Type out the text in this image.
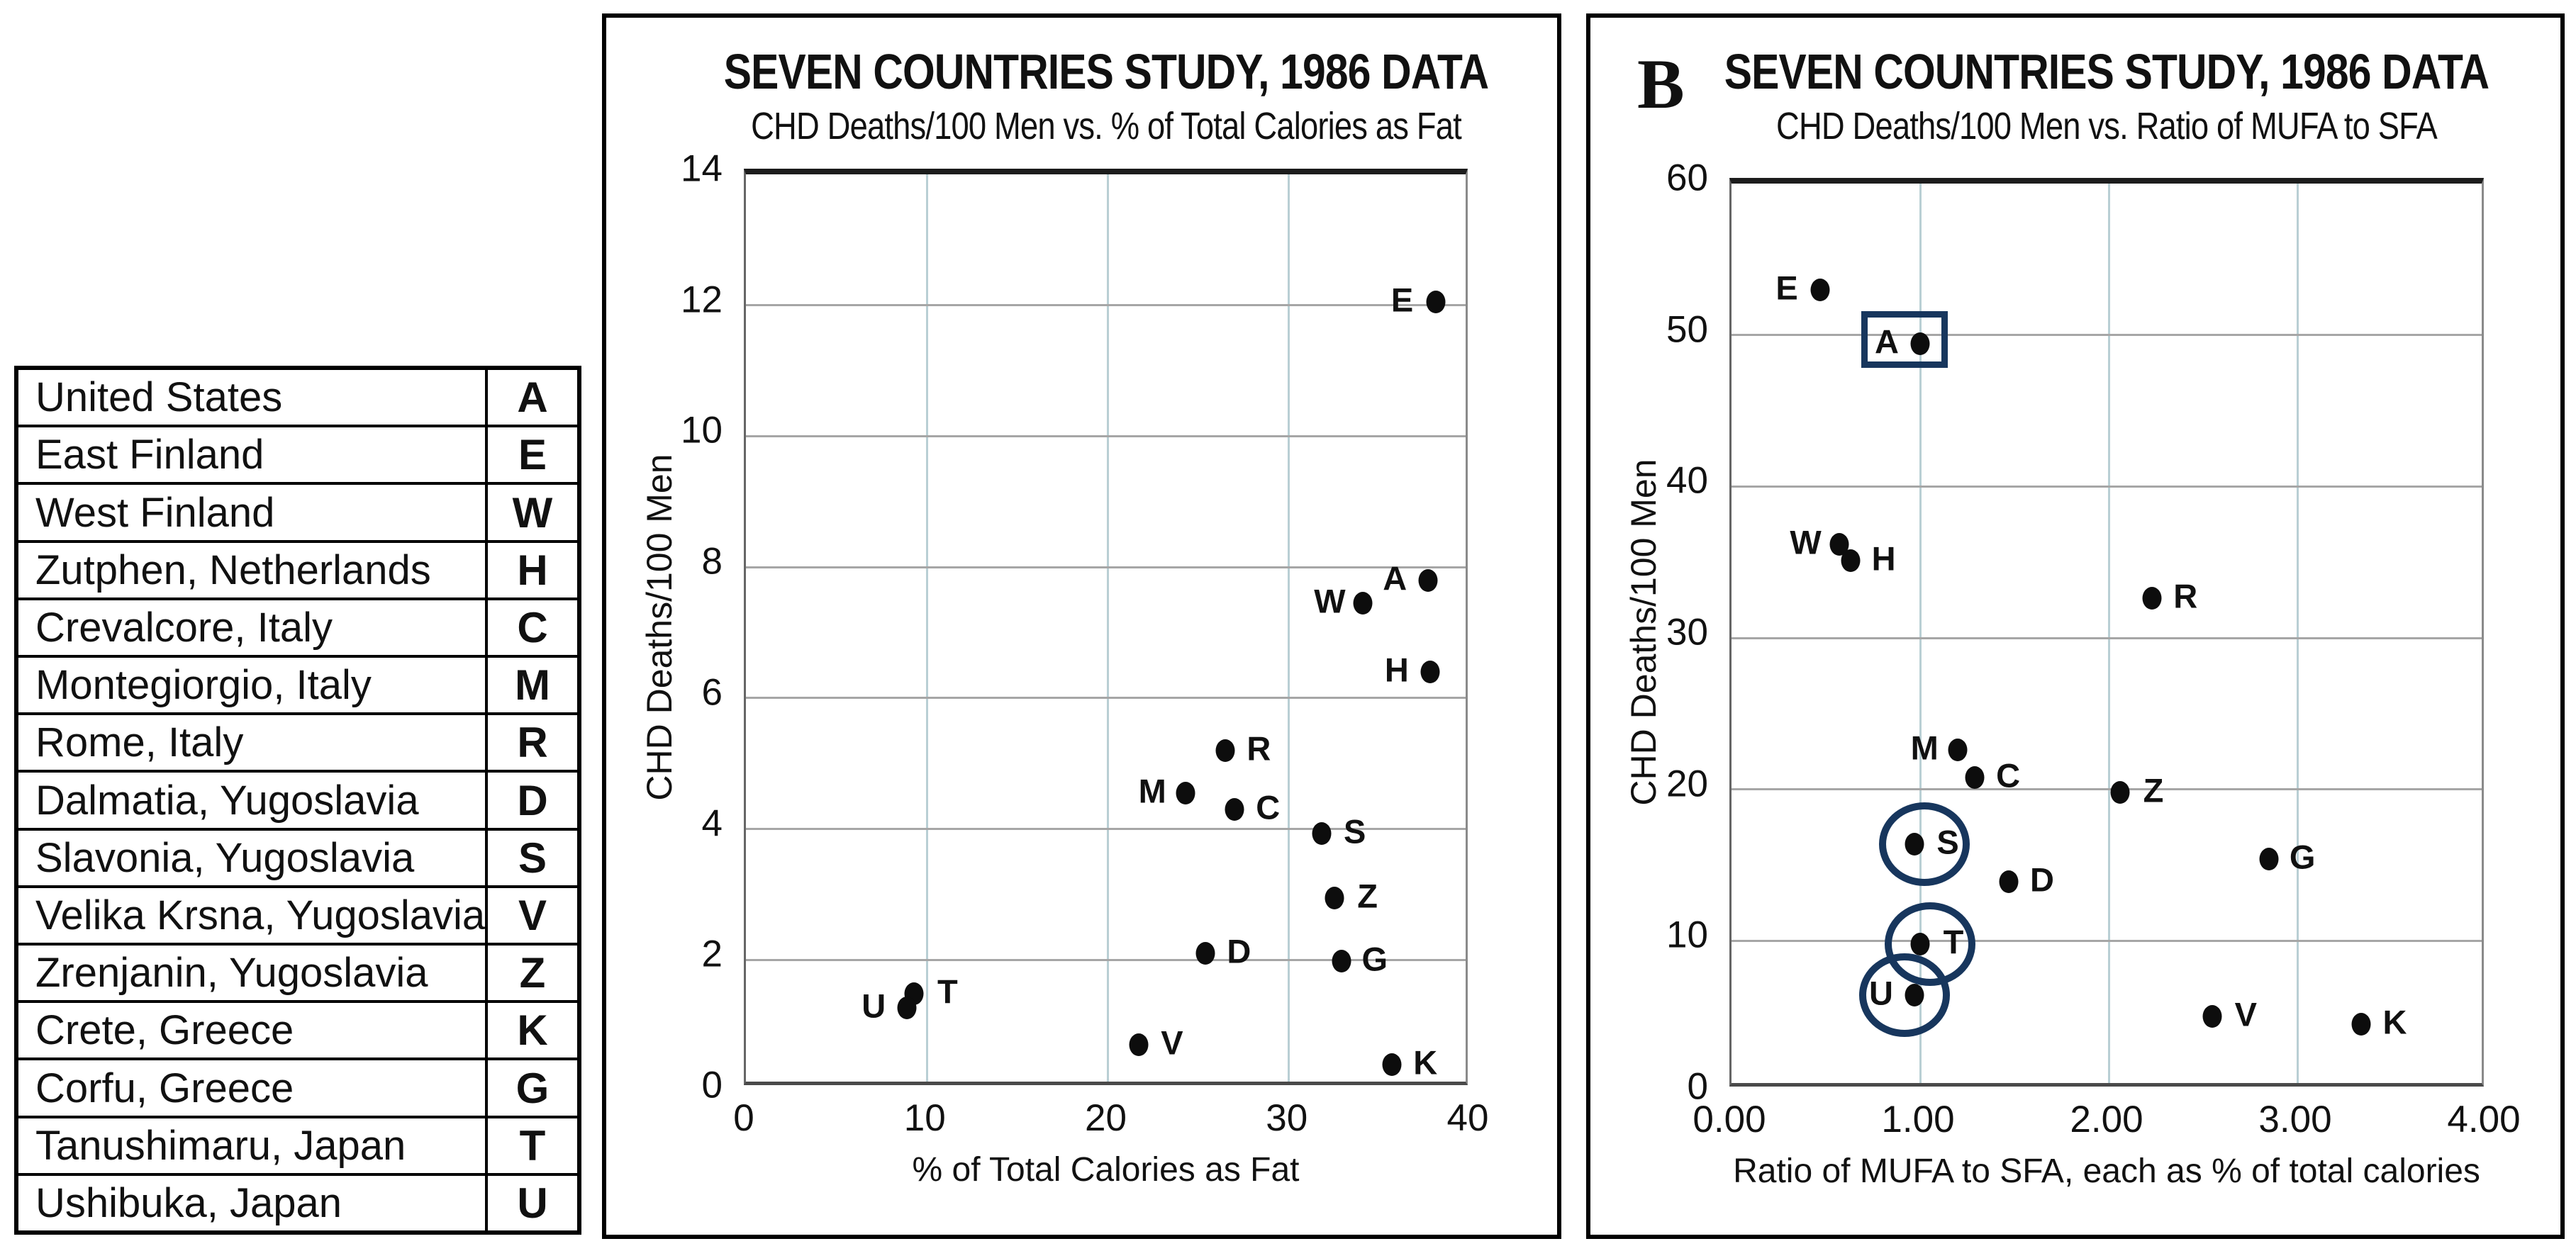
United States	A
East Finland	E
West Finland	W
Zutphen, Netherlands	H
Crevalcore, Italy	C
Montegiorgio, Italy	M
Rome, Italy	R
Dalmatia, Yugoslavia	D
Slavonia, Yugoslavia	S
Velika Krsna, Yugoslavia V
Zrenjanin, Yugoslavia	Z
Crete, Greece	K
Corfu, Greece	G
Tanushimaru, Japan	T
Ushibuka, Japan	U
SEVEN COUNTRIES STUDY, 1986 DATA
CHD Deaths/100 Men vs. % of Total Calories as Fat
CHD Deaths/100 Men
E
A
W
H
R
M	C
S
Z
D	G
T
U
V
K
% of Total Calories as Fat
0	10	20	30	40
0
2
4
6
8
10
12
14
B SEVEN COUNTRIES STUDY, 1986 DATA
CHD Deaths/100 Men vs. Ratio of MUFA to SFA
CHD Deaths/100 Men
E
A
W H
R
M
C	Z
S	G
D
T
U
V	K
Ratio of MUFA to SFA, each as % of total calories
0.00	1.00	2.00	3.00	4.00
0
10
20
30
40
50
60
